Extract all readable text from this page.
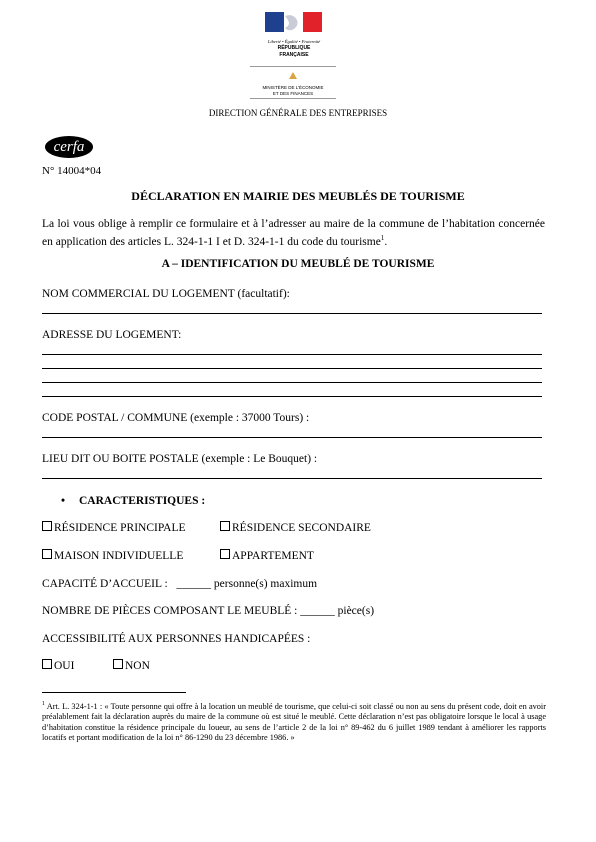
Liberté • Égalité • Fraternité
RÉPUBLIQUE FRANÇAISE
MINISTÈRE DE L'ÉCONOMIE
ET DES FINANCES
DIRECTION GÉNÉRALE DES ENTREPRISES
cerfa
N° 14004*04
DÉCLARATION EN MAIRIE DES MEUBLÉS DE TOURISME
La loi vous oblige à remplir ce formulaire et à l’adresser au maire de la commune de l’habitation concernée en application des articles L. 324-1-1 I et D. 324-1-1 du code du tourisme$^1$.
A – IDENTIFICATION DU MEUBLÉ DE TOURISME
NOM COMMERCIAL DU LOGEMENT (facultatif):
ADRESSE DU LOGEMENT:
CODE POSTAL / COMMUNE (exemple : 37000 Tours) :
LIEU DIT OU BOITE POSTALE (exemple : Le Bouquet) :
• CARACTERISTIQUES :
RÉSIDENCE PRINCIPALE	RÉSIDENCE SECONDAIRE
MAISON INDIVIDUELLE	APPARTEMENT
CAPACITÉ D’ACCUEIL : ______ personne(s) maximum
NOMBRE DE PIÈCES COMPOSANT LE MEUBLÉ : ______ pièce(s)
ACCESSIBILITÉ AUX PERSONNES HANDICAPÉES :
OUI	NON
$^1$ Art. L. 324-1-1 : « Toute personne qui offre à la location un meublé de tourisme, que celui-ci soit classé ou non au sens du présent code, doit en avoir préalablement fait la déclaration auprès du maire de la commune où est situé le meublé. Cette déclaration n’est pas obligatoire lorsque le local à usage d’habitation constitue la résidence principale du loueur, au sens de l’article 2 de la loi n° 89-462 du 6 juillet 1989 tendant à améliorer les rapports locatifs et portant modification de la loi n° 86-1290 du 23 décembre 1986. »
